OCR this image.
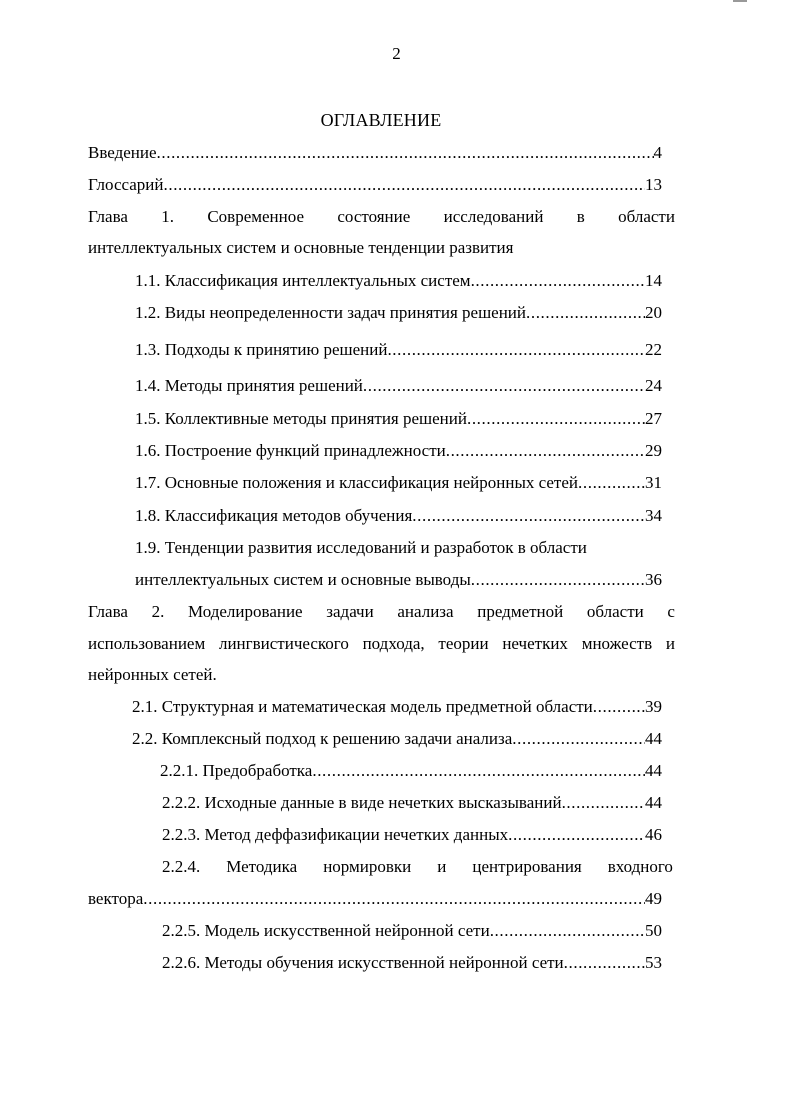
2
ОГЛАВЛЕНИЕ
Введение .....	4
Глоссарий .....	13
Глава 1. Современное состояние исследований в области
интеллектуальных систем и основные тенденции развития
1.1. Классификация интеллектуальных систем .....	14
1.2. Виды неопределенности задач принятия решений .....	20
1.3. Подходы к принятию решений .....	22
1.4. Методы принятия решений .....	24
1.5. Коллективные методы принятия решений .....	27
1.6. Построение функций принадлежности .....	29
1.7. Основные положения и классификация нейронных сетей .....	31
1.8. Классификация методов обучения .....	34
1.9. Тенденции развития исследований и разработок в области
интеллектуальных систем и основные выводы .....	36
Глава 2. Моделирование задачи анализа предметной области с
использованием лингвистического подхода, теории нечетких множеств и
нейронных сетей.
2.1. Структурная и математическая модель предметной области .....	39
2.2. Комплексный подход к решению задачи анализа .....	44
2.2.1. Предобработка .....	44
2.2.2. Исходные данные в виде нечетких высказываний .....	44
2.2.3. Метод деффазификации нечетких данных .....	46
2.2.4. Методика нормировки и центрирования входного
вектора .....	49
2.2.5. Модель искусственной нейронной сети .....	50
2.2.6. Методы обучения искусственной нейронной сети .....	53
